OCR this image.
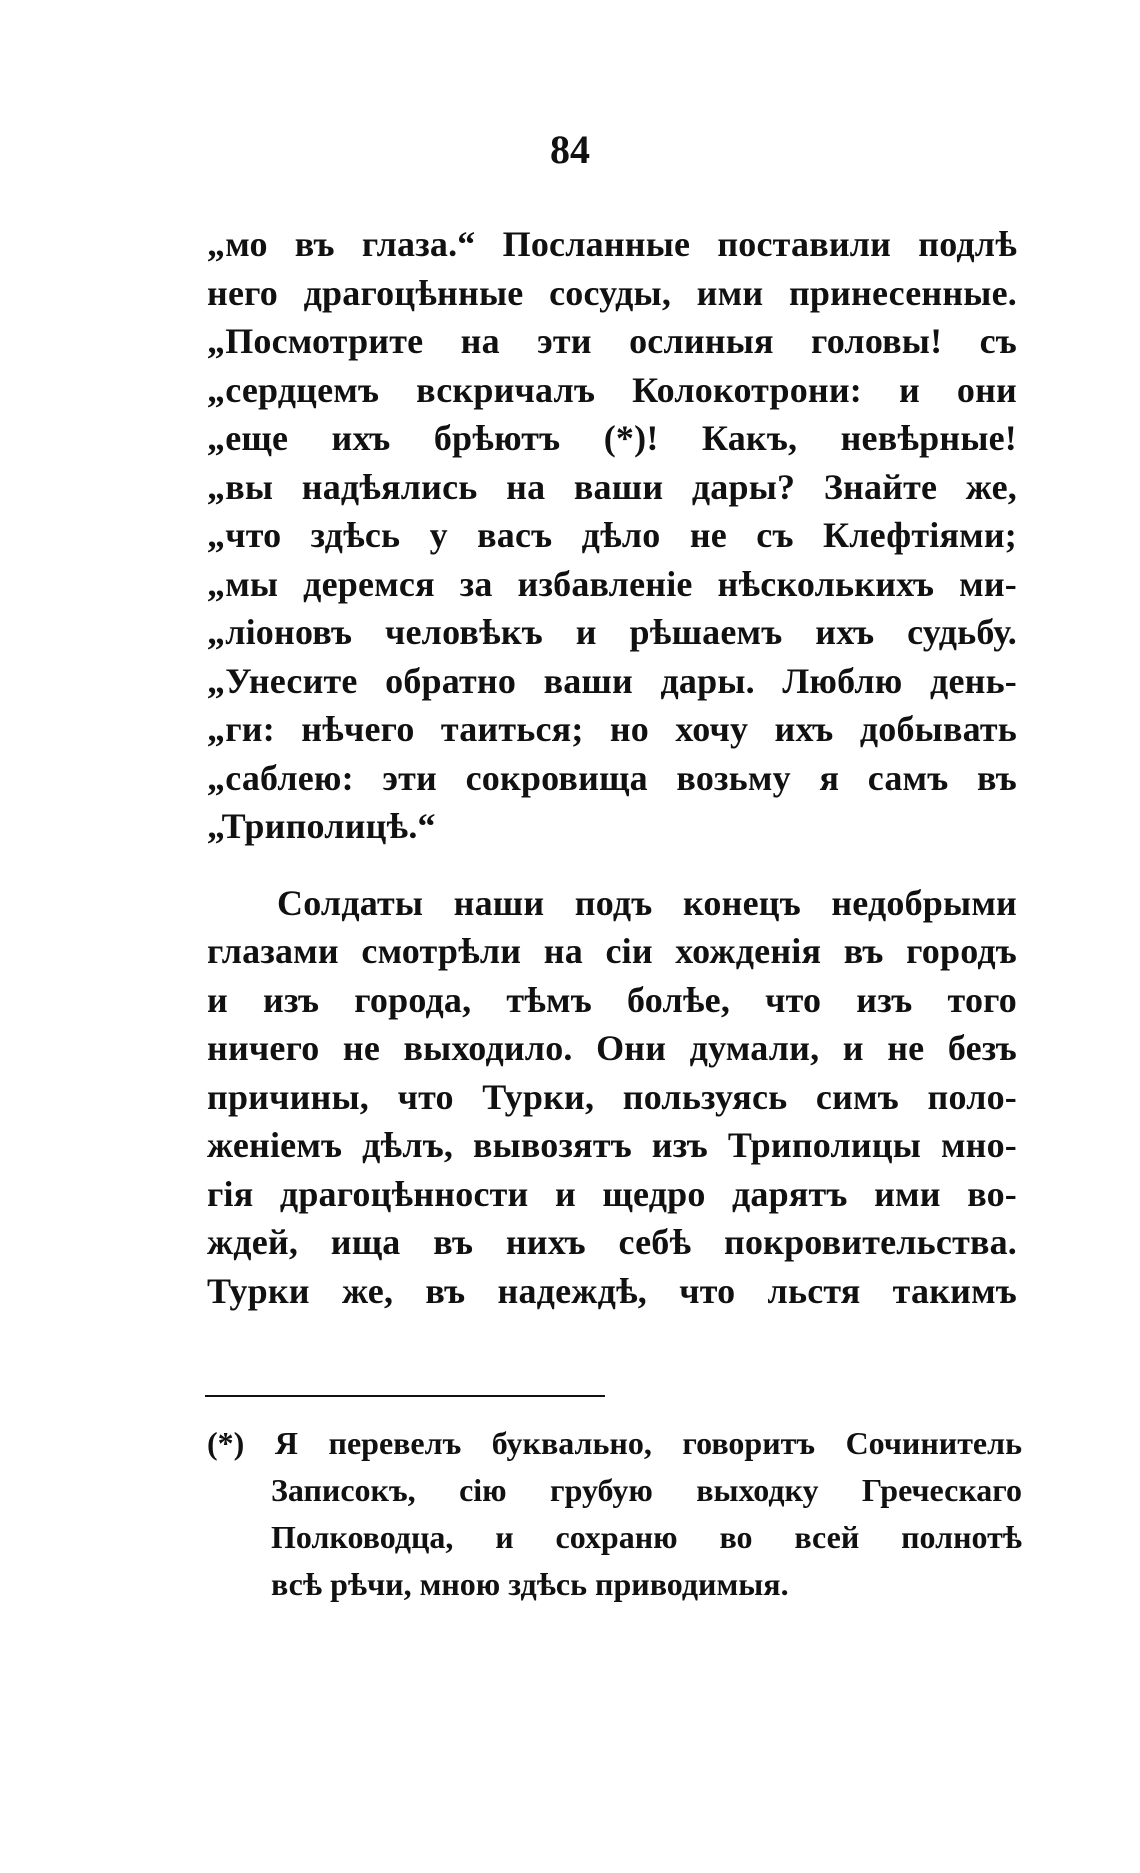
84
„мо въ глаза.“ Посланные поставили подлѣ
него драгоцѣнные сосуды, ими принесенные.
„Посмотрите на эти ослиныя головы! съ
„сердцемъ вскричалъ Колокотрони: и они
„еще ихъ брѣютъ (*)! Какъ, невѣрные!
„вы надѣялись на ваши дары? Знайте же,
„что здѣсь у васъ дѣло не съ Клефтіями;
„мы деремся за избавленіе нѣсколькихъ ми-
„ліоновъ человѣкъ и рѣшаемъ ихъ судьбу.
„Унесите обратно ваши дары. Люблю день-
„ги: нѣчего таиться; но хочу ихъ добывать
„саблею: эти сокровища возьму я самъ въ
„Триполицѣ.“
Солдаты наши подъ конецъ недобрыми
глазами смотрѣли на сіи хожденія въ городъ
и изъ города, тѣмъ болѣе, что изъ того
ничего не выходило. Они думали, и не безъ
причины, что Турки, пользуясь симъ поло-
женіемъ дѣлъ, вывозятъ изъ Триполицы мно-
гія драгоцѣнности и щедро дарятъ ими во-
ждей, ища въ нихъ себѣ покровительства.
Турки же, въ надеждѣ, что льстя такимъ
(*) Я перевелъ буквально, говоритъ Сочинитель
Записокъ, сію грубую выходку Греческаго
Полководца, и сохраню во всей полнотѣ
всѣ рѣчи, мною здѣсь приводимыя.
